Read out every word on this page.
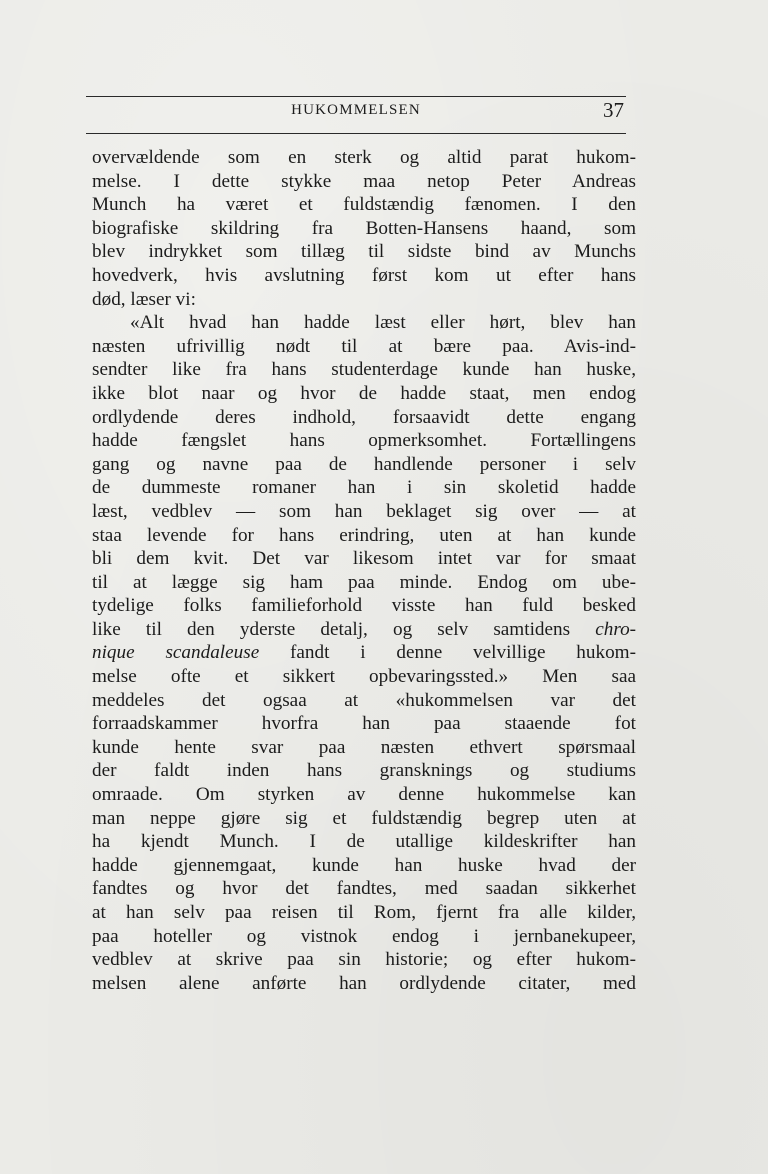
HUKOMMELSEN	37
overvældende som en sterk og altid parat hukom-
melse. I dette stykke maa netop Peter Andreas
Munch ha været et fuldstændig fænomen. I den
biografiske skildring fra Botten-Hansens haand, som
blev indrykket som tillæg til sidste bind av Munchs
hovedverk, hvis avslutning først kom ut efter hans
død, læser vi:
«Alt hvad han hadde læst eller hørt, blev han
næsten ufrivillig nødt til at bære paa. Avis-ind-
sendter like fra hans studenterdage kunde han huske,
ikke blot naar og hvor de hadde staat, men endog
ordlydende deres indhold, forsaavidt dette engang
hadde fængslet hans opmerksomhet. Fortællingens
gang og navne paa de handlende personer i selv
de dummeste romaner han i sin skoletid hadde
læst, vedblev — som han beklaget sig over — at
staa levende for hans erindring, uten at han kunde
bli dem kvit. Det var likesom intet var for smaat
til at lægge sig ham paa minde. Endog om ube-
tydelige folks familieforhold visste han fuld besked
like til den yderste detalj, og selv samtidens chro-
nique scandaleuse fandt i denne velvillige hukom-
melse ofte et sikkert opbevaringssted.» Men saa
meddeles det ogsaa at «hukommelsen var det
forraadskammer hvorfra han paa staaende fot
kunde hente svar paa næsten ethvert spørsmaal
der faldt inden hans gransknings og studiums
omraade. Om styrken av denne hukommelse kan
man neppe gjøre sig et fuldstændig begrep uten at
ha kjendt Munch. I de utallige kildeskrifter han
hadde gjennemgaat, kunde han huske hvad der
fandtes og hvor det fandtes, med saadan sikkerhet
at han selv paa reisen til Rom, fjernt fra alle kilder,
paa hoteller og vistnok endog i jernbanekupeer,
vedblev at skrive paa sin historie; og efter hukom-
melsen alene anførte han ordlydende citater, med
